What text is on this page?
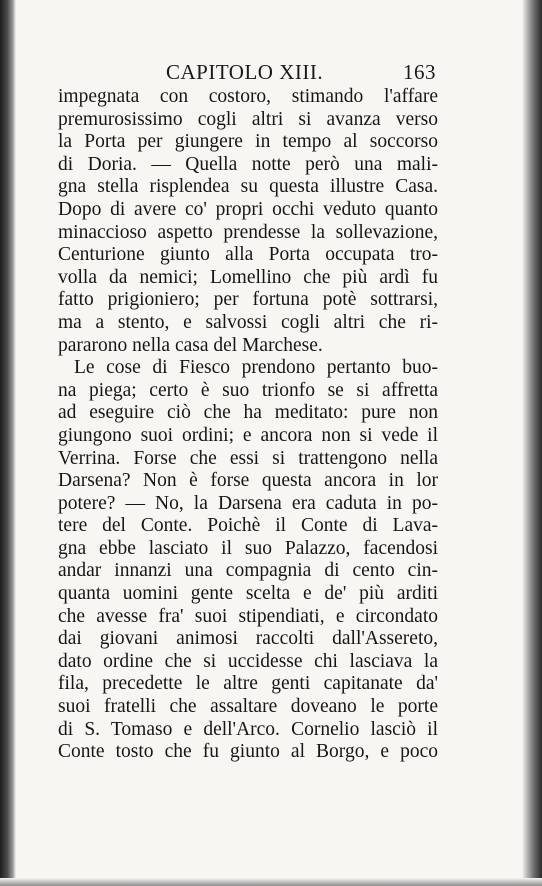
CAPITOLO XIII.	163
impegnata con costoro, stimando l'affare
premurosissimo cogli altri si avanza verso
la Porta per giungere in tempo al soccorso
di Doria. — Quella notte però una mali-
gna stella risplendea su questa illustre Casa.
Dopo di avere co' propri occhi veduto quanto
minaccioso aspetto prendesse la sollevazione,
Centurione giunto alla Porta occupata tro-
volla da nemici; Lomellino che più ardì fu
fatto prigioniero; per fortuna potè sottrarsi,
ma a stento, e salvossi cogli altri che ri-
pararono nella casa del Marchese.
Le cose di Fiesco prendono pertanto buo-
na piega; certo è suo trionfo se si affretta
ad eseguire ciò che ha meditato: pure non
giungono suoi ordini; e ancora non si vede il
Verrina. Forse che essi si trattengono nella
Darsena? Non è forse questa ancora in lor
potere? — No, la Darsena era caduta in po-
tere del Conte. Poichè il Conte di Lava-
gna ebbe lasciato il suo Palazzo, facendosi
andar innanzi una compagnia di cento cin-
quanta uomini gente scelta e de' più arditi
che avesse fra' suoi stipendiati, e circondato
dai giovani animosi raccolti dall'Assereto,
dato ordine che si uccidesse chi lasciava la
fila, precedette le altre genti capitanate da'
suoi fratelli che assaltare doveano le porte
di S. Tomaso e dell'Arco. Cornelio lasciò il
Conte tosto che fu giunto al Borgo, e poco
